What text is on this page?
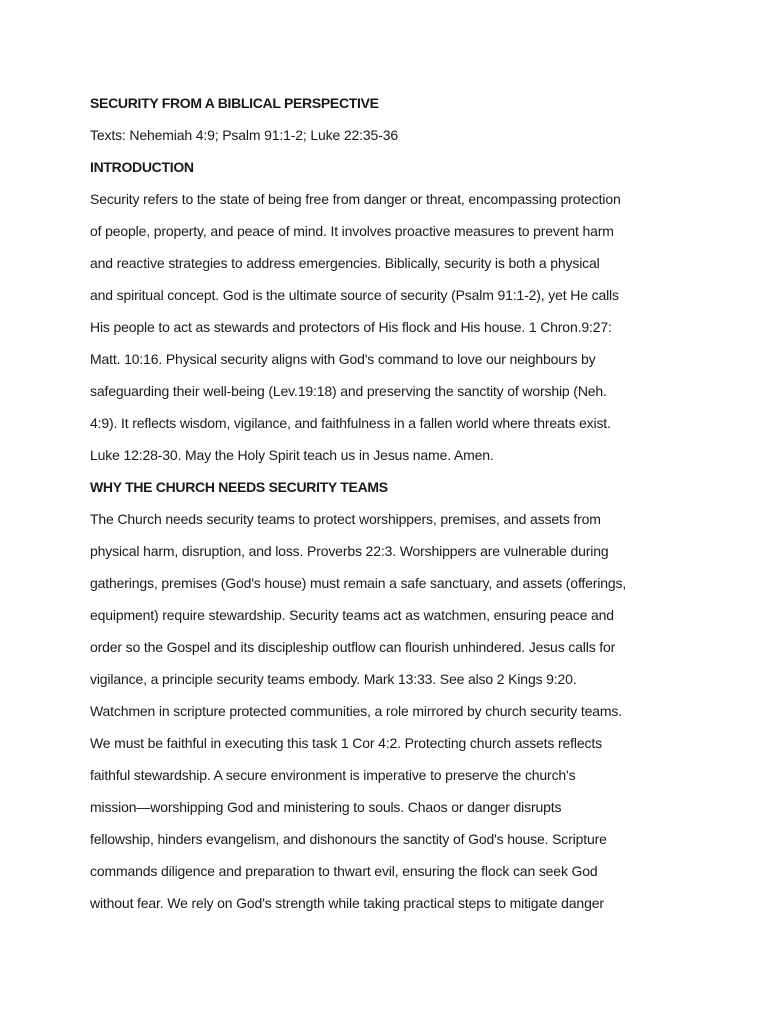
SECURITY FROM A BIBLICAL PERSPECTIVE
Texts: Nehemiah 4:9; Psalm 91:1-2; Luke 22:35-36
INTRODUCTION
Security refers to the state of being free from danger or threat, encompassing protection
of people, property, and peace of mind. It involves proactive measures to prevent harm
and reactive strategies to address emergencies. Biblically, security is both a physical
and spiritual concept. God is the ultimate source of security (Psalm 91:1-2), yet He calls
His people to act as stewards and protectors of His flock and His house. 1 Chron.9:27:
Matt. 10:16. Physical security aligns with God's command to love our neighbours by
safeguarding their well-being (Lev.19:18) and preserving the sanctity of worship (Neh.
4:9). It reflects wisdom, vigilance, and faithfulness in a fallen world where threats exist.
Luke 12:28-30. May the Holy Spirit teach us in Jesus name. Amen.
WHY THE CHURCH NEEDS SECURITY TEAMS
The Church needs security teams to protect worshippers, premises, and assets from
physical harm, disruption, and loss. Proverbs 22:3. Worshippers are vulnerable during
gatherings, premises (God's house) must remain a safe sanctuary, and assets (offerings,
equipment) require stewardship. Security teams act as watchmen, ensuring peace and
order so the Gospel and its discipleship outflow can flourish unhindered. Jesus calls for
vigilance, a principle security teams embody. Mark 13:33. See also 2 Kings 9:20.
Watchmen in scripture protected communities, a role mirrored by church security teams.
We must be faithful in executing this task 1 Cor 4:2. Protecting church assets reflects
faithful stewardship. A secure environment is imperative to preserve the church's
mission—worshipping God and ministering to souls. Chaos or danger disrupts
fellowship, hinders evangelism, and dishonours the sanctity of God's house. Scripture
commands diligence and preparation to thwart evil, ensuring the flock can seek God
without fear. We rely on God's strength while taking practical steps to mitigate danger
